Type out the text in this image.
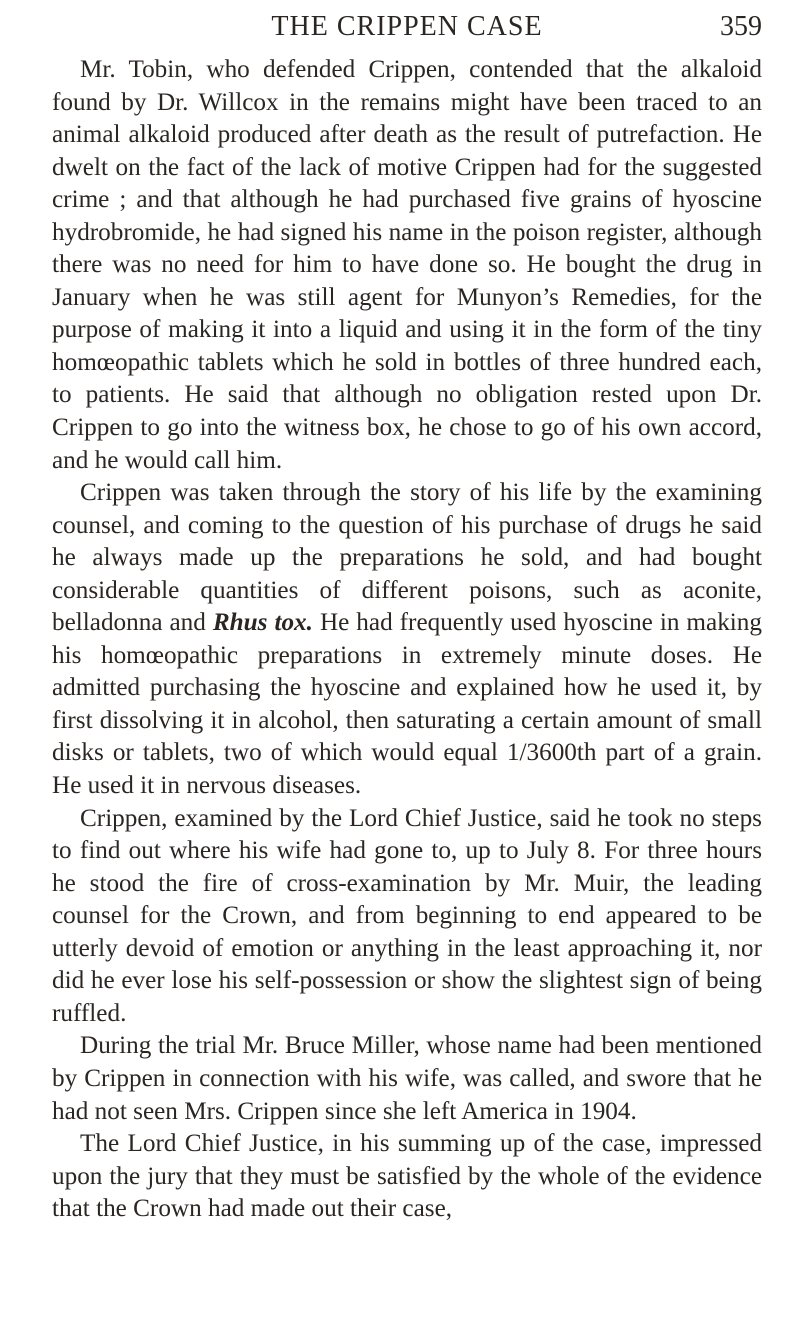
THE CRIPPEN CASE	359

Mr. Tobin, who defended Crippen, contended that the alkaloid found by Dr. Willcox in the remains might have been traced to an animal alkaloid produced after death as the result of putrefaction. He dwelt on the fact of the lack of motive Crippen had for the suggested crime ; and that although he had purchased five grains of hyoscine hydrobromide, he had signed his name in the poison register, although there was no need for him to have done so. He bought the drug in January when he was still agent for Munyon’s Remedies, for the purpose of making it into a liquid and using it in the form of the tiny homœopathic tablets which he sold in bottles of three hundred each, to patients. He said that although no obligation rested upon Dr. Crippen to go into the witness box, he chose to go of his own accord, and he would call him.

Crippen was taken through the story of his life by the examining counsel, and coming to the question of his purchase of drugs he said he always made up the preparations he sold, and had bought considerable quantities of different poisons, such as aconite, belladonna and Rhus tox. He had frequently used hyoscine in making his homœopathic preparations in extremely minute doses. He admitted purchasing the hyoscine and explained how he used it, by first dissolving it in alcohol, then saturating a certain amount of small disks or tablets, two of which would equal 1/3600th part of a grain. He used it in nervous diseases.

Crippen, examined by the Lord Chief Justice, said he took no steps to find out where his wife had gone to, up to July 8. For three hours he stood the fire of cross-examination by Mr. Muir, the leading counsel for the Crown, and from beginning to end appeared to be utterly devoid of emotion or anything in the least approaching it, nor did he ever lose his self-possession or show the slightest sign of being ruffled.

During the trial Mr. Bruce Miller, whose name had been mentioned by Crippen in connection with his wife, was called, and swore that he had not seen Mrs. Crippen since she left America in 1904.

The Lord Chief Justice, in his summing up of the case, impressed upon the jury that they must be satisfied by the whole of the evidence that the Crown had made out their case,
